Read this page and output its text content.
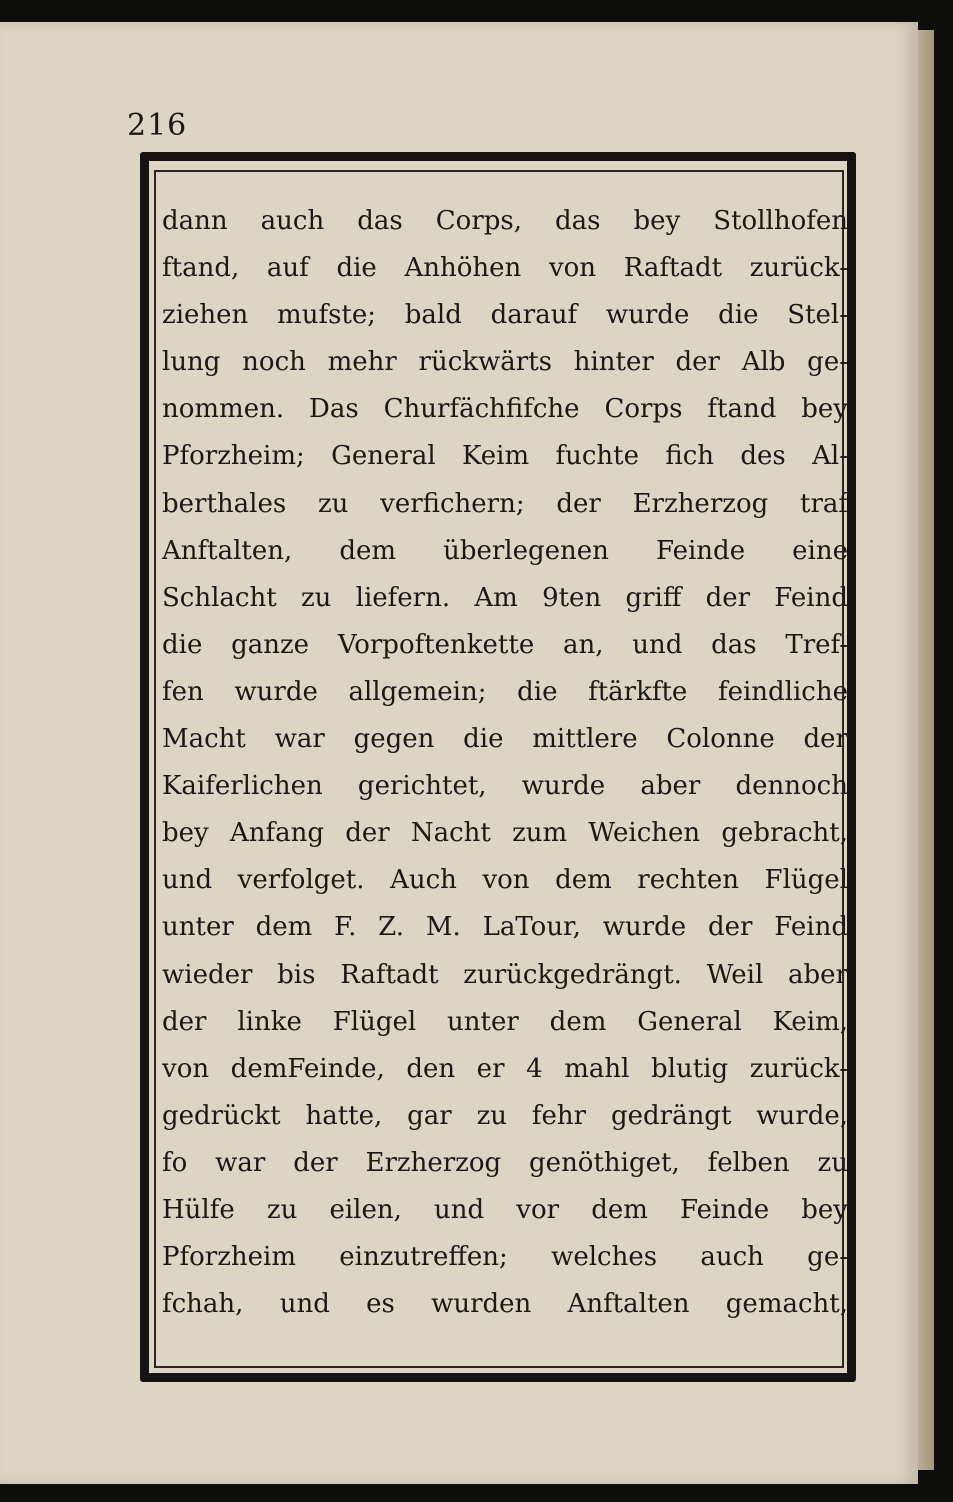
216
dann auch das Corps, das bey Stollhofen
ftand, auf die Anhöhen von Raftadt zurück-
ziehen mufste; bald darauf wurde die Stel-
lung noch mehr rückwärts hinter der Alb ge-
nommen. Das Churfächfifche Corps ftand bey
Pforzheim; General Keim fuchte fich des Al-
berthales zu verfichern; der Erzherzog traf
Anftalten, dem überlegenen Feinde eine
Schlacht zu liefern. Am 9ten griff der Feind
die ganze Vorpoftenkette an, und das Tref-
fen wurde allgemein; die ftärkfte feindliche
Macht war gegen die mittlere Colonne der
Kaiferlichen gerichtet, wurde aber dennoch
bey Anfang der Nacht zum Weichen gebracht,
und verfolget. Auch von dem rechten Flügel
unter dem F. Z. M. LaTour, wurde der Feind
wieder bis Raftadt zurückgedrängt. Weil aber
der linke Flügel unter dem General Keim,
von demFeinde, den er 4 mahl blutig zurück-
gedrückt hatte, gar zu fehr gedrängt wurde,
fo war der Erzherzog genöthiget, felben zu
Hülfe zu eilen, und vor dem Feinde bey
Pforzheim einzutreffen; welches auch ge-
fchah, und es wurden Anftalten gemacht,
